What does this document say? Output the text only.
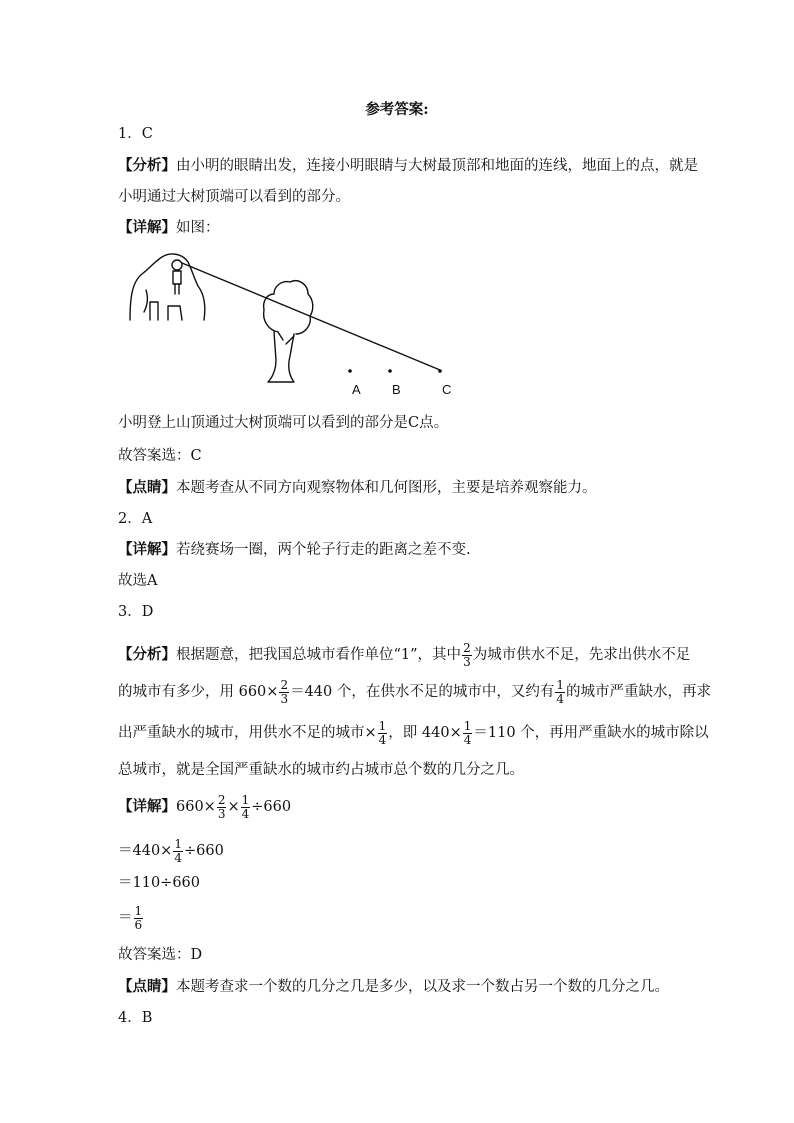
参考答案:
1．C
【分析】由小明的眼睛出发，连接小明眼睛与大树最顶部和地面的连线，地面上的点，就是
小明通过大树顶端可以看到的部分。
【详解】如图：
A B	C
小明登上山顶通过大树顶端可以看到的部分是C点。
故答案选：C
【点睛】本题考查从不同方向观察物体和几何图形，主要是培养观察能力。
2．A
【详解】若绕赛场一圈，两个轮子行走的距离之差不变.
故选A
3．D
【分析】根据题意，把我国总城市看作单位“1”，其中 $\frac{2}{3}$ 为城市供水不足，先求出供水不足
的城市有多少，用 $660\times \frac{2}{3} =440$ 个，在供水不足的城市中，又约有 $\frac{1}{4}$ 的城市严重缺水，再求
出严重缺水的城市，用供水不足的城市× $\frac{1}{4}$ ，即 $440\times \frac{1}{4} =110$ 个，再用严重缺水的城市除以
总城市，就是全国严重缺水的城市约占城市总个数的几分之几。
【详解】$660\times \frac{2}{3} \times \frac{1}{4} \div 660$
$=440\times \frac{1}{4} \div 660$
＝110÷660
＝ $\frac{1}{6}$
故答案选：D
【点睛】本题考查求一个数的几分之几是多少，以及求一个数占另一个数的几分之几。
4．B
